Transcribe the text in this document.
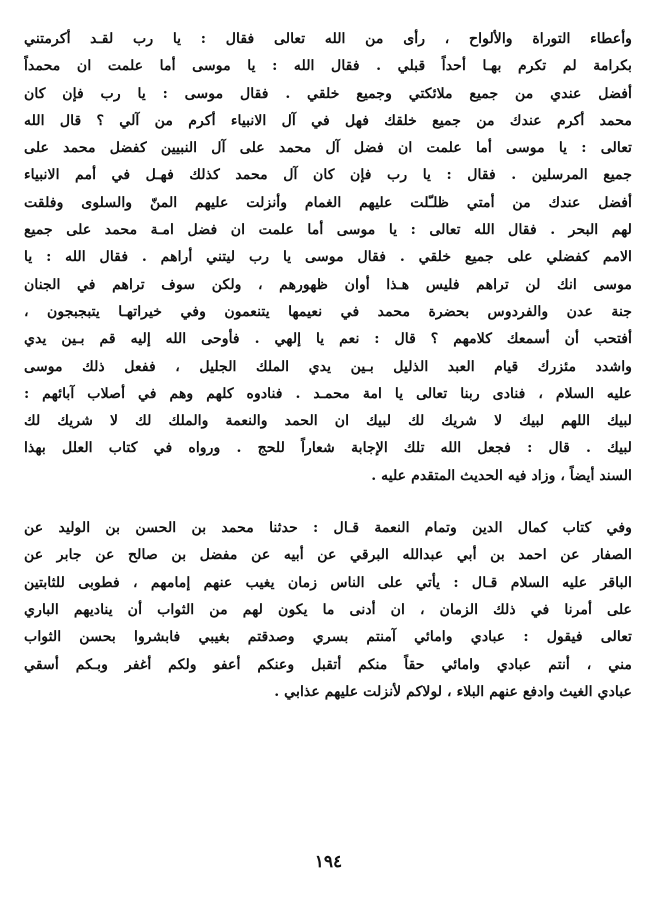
وأعطاء التوراة والألواح ، رأى من الله تعالى فقال : يا رب لقـد أكرمتني
بكرامة لم تكرم بهـا أحداً قبلي . فقال الله : يا موسى أما علمت ان محمداً
أفضل عندي من جميع ملائكتي وجميع خلقي . فقال موسى : يا رب فإن كان
محمد أكرم عندك من جميع خلقك فهل في آل الانبياء أكرم من آلي ؟ قال الله
تعالى : يا موسى أما علمت ان فضل آل محمد على آل النبيين كفضل محمد على
جميع المرسلين . فقال : يا رب فإن كان آل محمد كذلك فهـل في أمم الانبياء
أفضل عندك من أمتي ظلـّلت عليهم الغمام وأنزلت عليهم المنّ والسلوى وفلقت
لهم البحر . فقال الله تعالى : يا موسى أما علمت ان فضل امـة محمد على جميع
الامم كفضلي على جميع خلقي . فقال موسى يا رب ليتني أراهم . فقال الله : يا
موسى انك لن تراهم فليس هـذا أوان ظهورهم ، ولكن سوف تراهم في الجنان
جنة عدن والفردوس بحضرة محمد في نعيمها يتنعمون وفي خيراتهـا يتبجبجون ،
أفتحب أن أسمعك كلامهم ؟ قال : نعم يا إلهي . فأوحى الله إليه قم بـين يدي
واشدد مئزرك قيام العبد الذليل بـين يدي الملك الجليل ، ففعل ذلك موسى
عليه السلام ، فنادى ربنا تعالى يا امة محمـد . فنادوه كلهم وهم في أصلاب آبائهم :
لبيك اللهم لبيك لا شريك لك لبيك ان الحمد والنعمة والملك لك لا شريك لك
لبيك . قال : فجعل الله تلك الإجابة شعاراً للحج . ورواه في كتاب العلل بهذا
السند أيضاً ، وزاد فيه الحديث المتقدم عليه .
وفي كتاب كمال الدين وتمام النعمة قـال : حدثنا محمد بن الحسن بن الوليد عن
الصفار عن احمد بن أبي عبدالله البرقي عن أبيه عن مفضل بن صالح عن جابر عن
الباقر عليه السلام قـال : يأتي على الناس زمان يغيب عنهم إمامهم ، فطوبى للثابتين
على أمرنا في ذلك الزمان ، ان أدنى ما يكون لهم من الثواب أن يناديهم الباري
تعالى فيقول : عبادي وامائي آمنتم بسري وصدقتم بغيبي فابشروا بحسن الثواب
مني ، أنتم عبادي وامائي حقاً منكم أتقبل وعنكم أعفو ولكم أغفر وبـكم أسقي
عبادي الغيث وادفع عنهم البلاء ، لولاكم لأنزلت عليهم عذابي .
١٩٤
